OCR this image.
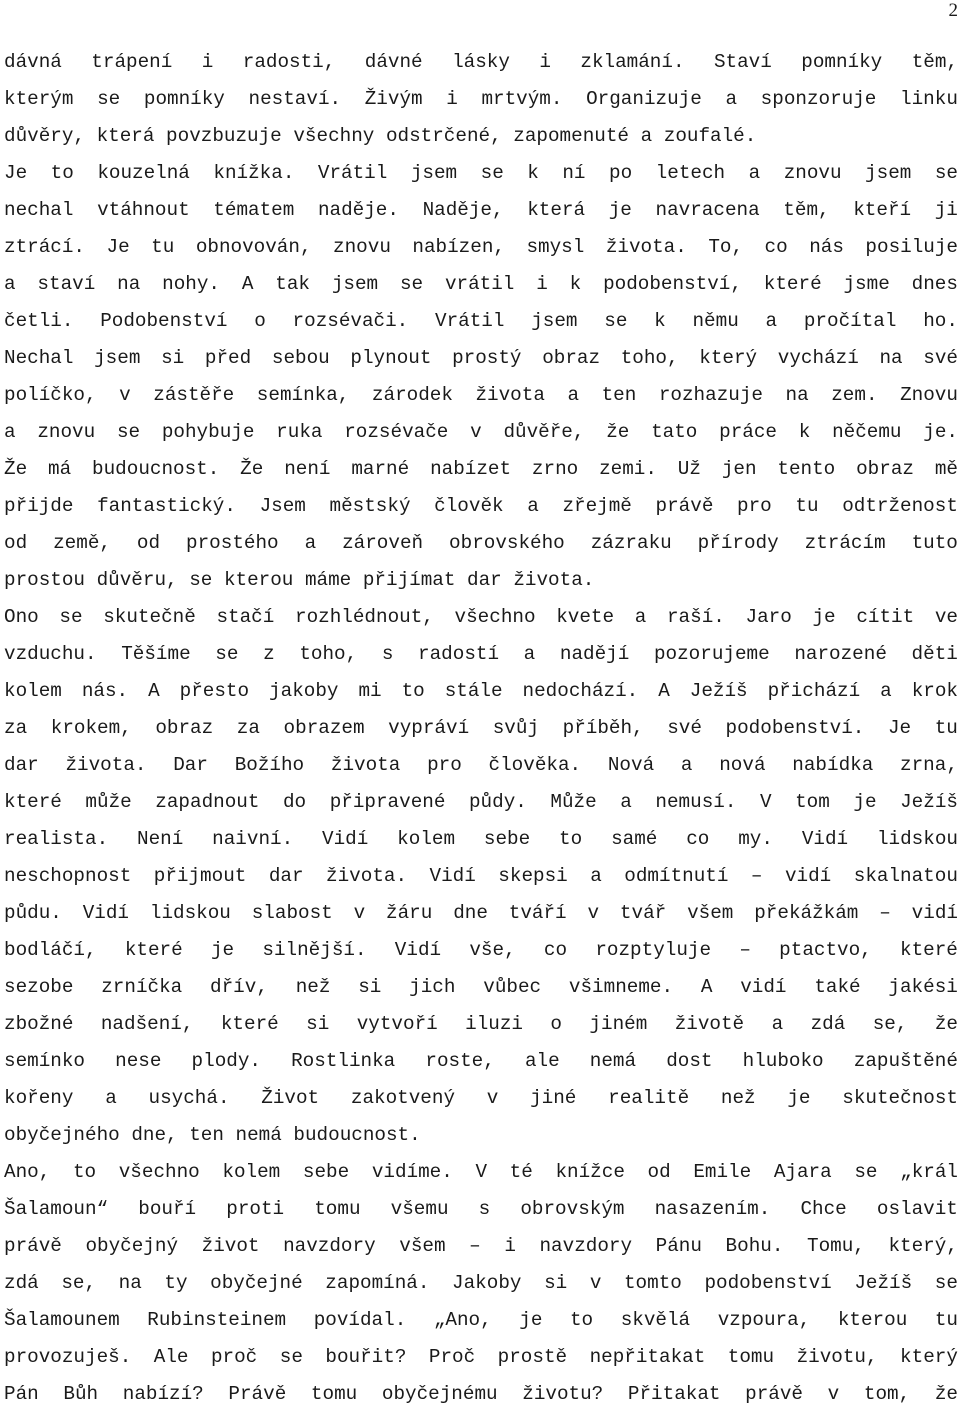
2
dávná trápení i radosti, dávné lásky i zklamání. Staví pomníky těm,
kterým se pomníky nestaví. Živým i mrtvým. Organizuje a sponzoruje linku
důvěry, která povzbuzuje všechny odstrčené, zapomenuté a zoufalé.
Je to kouzelná knížka. Vrátil jsem se k ní po letech a znovu jsem se
nechal vtáhnout tématem naděje. Naděje, která je navracena těm, kteří ji
ztrácí. Je tu obnovován, znovu nabízen, smysl života. To, co nás posiluje
a staví na nohy. A tak jsem se vrátil i k podobenství, které jsme dnes
četli. Podobenství o rozsévači. Vrátil jsem se k němu a pročítal ho.
Nechal jsem si před sebou plynout prostý obraz toho, který vychází na své
políčko, v zástěře semínka, zárodek života a ten rozhazuje na zem. Znovu
a znovu se pohybuje ruka rozsévače v důvěře, že tato práce k něčemu je.
Že má budoucnost. Že není marné nabízet zrno zemi. Už jen tento obraz mě
přijde fantastický. Jsem městský člověk a zřejmě právě pro tu odtrženost
od země, od prostého a zároveň obrovského zázraku přírody ztrácím tuto
prostou důvěru, se kterou máme přijímat dar života.
Ono se skutečně stačí rozhlédnout, všechno kvete a raší. Jaro je cítit ve
vzduchu. Těšíme se z toho, s radostí a nadějí pozorujeme narozené děti
kolem nás. A přesto jakoby mi to stále nedochází. A Ježíš přichází a krok
za krokem, obraz za obrazem vypráví svůj příběh, své podobenství. Je tu
dar života. Dar Božího života pro člověka. Nová a nová nabídka zrna,
které může zapadnout do připravené půdy. Může a nemusí. V tom je Ježíš
realista. Není naivní. Vidí kolem sebe to samé co my. Vidí lidskou
neschopnost přijmout dar života. Vidí skepsi a odmítnutí – vidí skalnatou
půdu. Vidí lidskou slabost v žáru dne tváří v tvář všem překážkám – vidí
bodláčí, které je silnější. Vidí vše, co rozptyluje – ptactvo, které
sezobe zrníčka dřív, než si jich vůbec všimneme. A vidí také jakési
zbožné nadšení, které si vytvoří iluzi o jiném životě a zdá se, že
semínko nese plody. Rostlinka roste, ale nemá dost hluboko zapuštěné
kořeny a usychá. Život zakotvený v jiné realitě než je skutečnost
obyčejného dne, ten nemá budoucnost.
Ano, to všechno kolem sebe vidíme. V té knížce od Emile Ajara se „král
Šalamoun“ bouří proti tomu všemu s obrovským nasazením. Chce oslavit
právě obyčejný život navzdory všem – i navzdory Pánu Bohu. Tomu, který,
zdá se, na ty obyčejné zapomíná. Jakoby si v tomto podobenství Ježíš se
Šalamounem Rubinsteinem povídal. „Ano, je to skvělá vzpoura, kterou tu
provozuješ. Ale proč se bouřit? Proč prostě nepřitakat tomu životu, který
Pán Bůh nabízí? Právě tomu obyčejnému životu? Přitakat právě v tom, že
